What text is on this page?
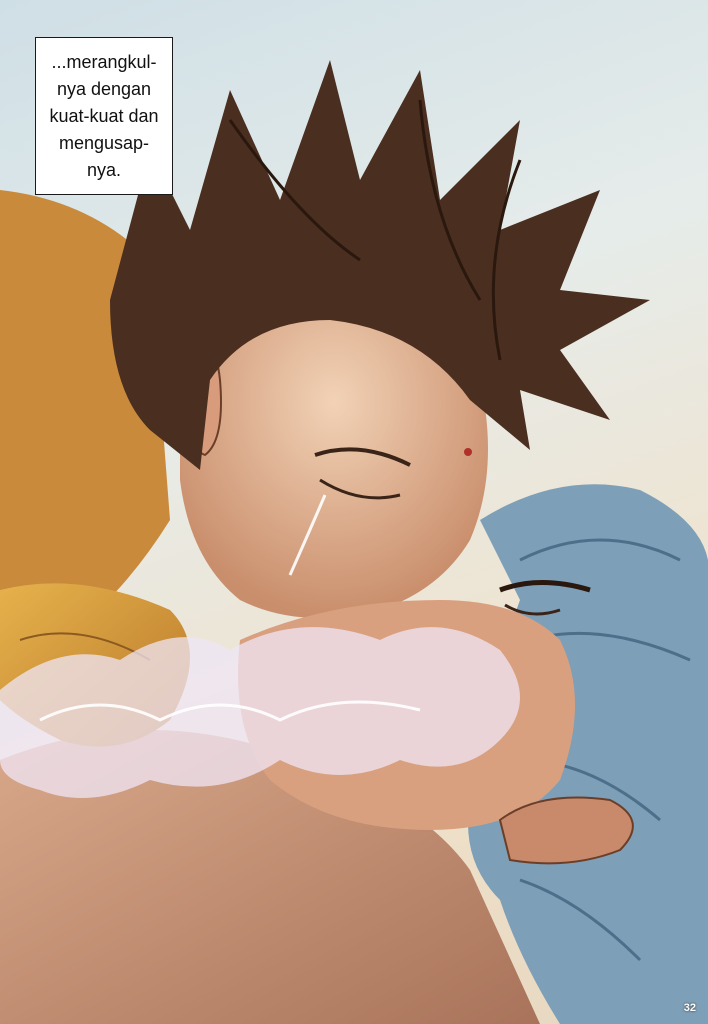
...merangkul-
nya dengan
kuat-kuat dan
mengusap-
nya.
32
